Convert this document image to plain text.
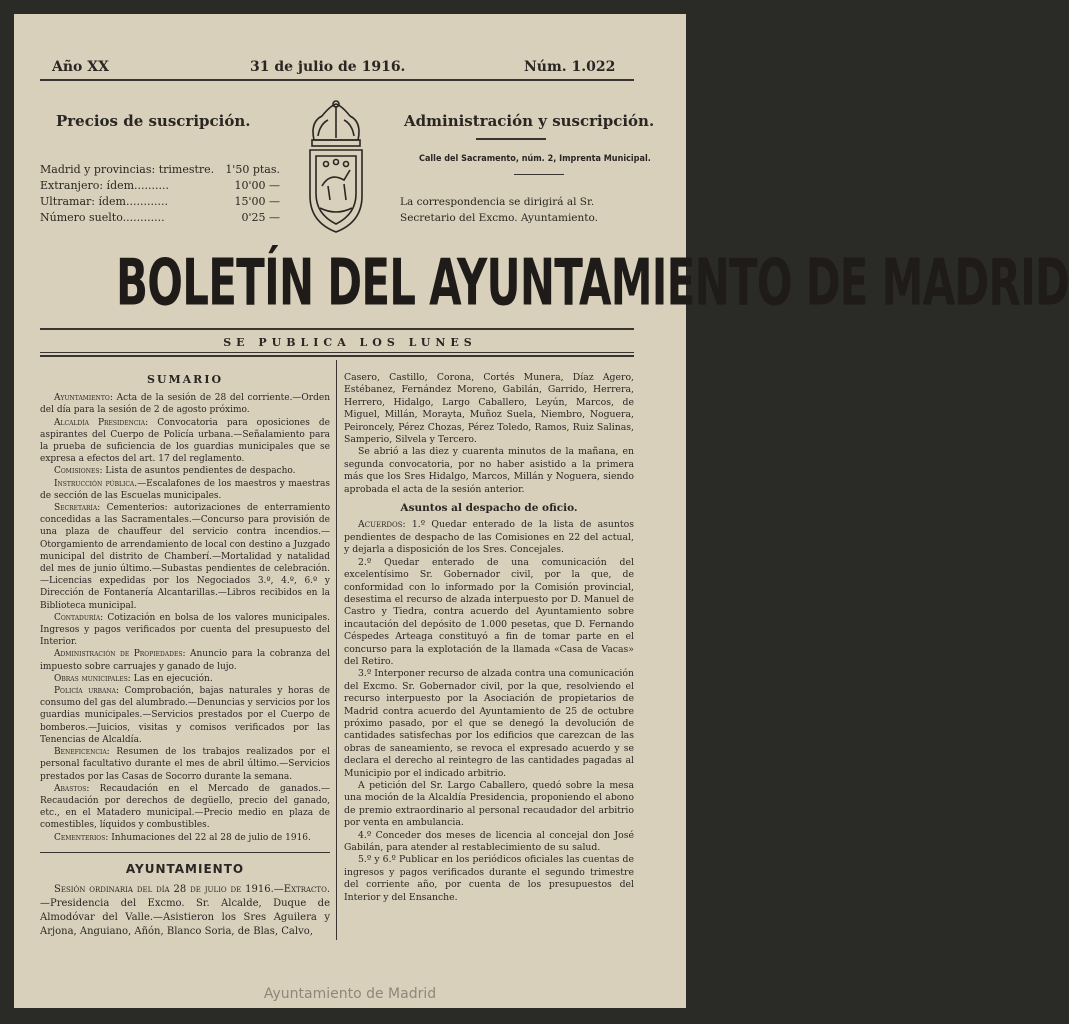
Año XX	31 de julio de 1916.	Núm. 1.022
Precios de suscripción.
Madrid y provincias: trimestre. 1'50 ptas.
Extranjero: ídem..........	10'00 —
Ultramar: ídem............	15'00 —
Número suelto............	0'25 —
Administración y suscripción.
Calle del Sacramento, núm. 2, Imprenta Municipal.
La correspondencia se dirigirá al Sr. Secretario del Excmo. Ayuntamiento.
BOLETÍN DEL AYUNTAMIENTO DE MADRID
SE PUBLICA LOS LUNES
SUMARIO

Ayuntamiento: Acta de la sesión de 28 del corriente.—Orden del día para la sesión de 2 de agosto próximo.

Alcaldía Presidencia: Convocatoria para oposiciones de aspirantes del Cuerpo de Policía urbana.—Señalamiento para la prueba de suficiencia de los guardias municipales que se expresa a efectos del art. 17 del reglamento.

Comisiones: Lista de asuntos pendientes de despacho.

Instrucción pública.—Escalafones de los maestros y maestras de sección de las Escuelas municipales.

Secretaría: Cementerios: autorizaciones de enterramiento concedidas a las Sacramentales.—Concurso para provisión de una plaza de chauffeur del servicio contra incendios.—Otorgamiento de arrendamiento de local con destino a Juzgado municipal del distrito de Chamberí.—Mortalidad y natalidad del mes de junio último.—Subastas pendientes de celebración.—Licencias expedidas por los Negociados 3.º, 4.º, 6.º y Dirección de Fontanería Alcantarillas.—Libros recibidos en la Biblioteca municipal.

Contaduría: Cotización en bolsa de los valores municipales. Ingresos y pagos verificados por cuenta del presupuesto del Interior.

Administración de Propiedades: Anuncio para la cobranza del impuesto sobre carruajes y ganado de lujo.

Obras municipales: Las en ejecución.

Policía urbana: Comprobación, bajas naturales y horas de consumo del gas del alumbrado.—Denuncias y servicios por los guardias municipales.—Servicios prestados por el Cuerpo de bomberos.—Juicios, visitas y comisos verificados por las Tenencias de Alcaldía.

Beneficencia: Resumen de los trabajos realizados por el personal facultativo durante el mes de abril último.—Servicios prestados por las Casas de Socorro durante la semana.

Abastos: Recaudación en el Mercado de ganados.—Recaudación por derechos de degüello, precio del ganado, etc., en el Matadero municipal.—Precio medio en plaza de comestibles, líquidos y combustibles.

Cementerios: Inhumaciones del 22 al 28 de julio de 1916.

AYUNTAMIENTO

Sesión ordinaria del día 28 de julio de 1916.—Extracto.—Presidencia del Excmo. Sr. Alcalde, Duque de Almodóvar del Valle.—Asistieron los Sres Aguilera y Arjona, Anguiano, Añón, Blanco Soria, de Blas, Calvo,

Casero, Castillo, Corona, Cortés Munera, Díaz Agero, Estébanez, Fernández Moreno, Gabilán, Garrido, Herrera, Herrero, Hidalgo, Largo Caballero, Leyún, Marcos, de Miguel, Millán, Morayta, Muñoz Suela, Niembro, Noguera, Peironcely, Pérez Chozas, Pérez Toledo, Ramos, Ruiz Salinas, Samperio, Silvela y Tercero.

Se abrió a las diez y cuarenta minutos de la mañana, en segunda convocatoria, por no haber asistido a la primera más que los Sres Hidalgo, Marcos, Millán y Noguera, siendo aprobada el acta de la sesión anterior.

Asuntos al despacho de oficio.

Acuerdos: 1.º Quedar enterado de la lista de asuntos pendientes de despacho de las Comisiones en 22 del actual, y dejarla a disposición de los Sres. Concejales.

2.º Quedar enterado de una comunicación del excelentísimo Sr. Gobernador civil, por la que, de conformidad con lo informado por la Comisión provincial, desestima el recurso de alzada interpuesto por D. Manuel de Castro y Tiedra, contra acuerdo del Ayuntamiento sobre incautación del depósito de 1.000 pesetas, que D. Fernando Céspedes Arteaga constituyó a fin de tomar parte en el concurso para la explotación de la llamada «Casa de Vacas» del Retiro.

3.º Interponer recurso de alzada contra una comunicación del Excmo. Sr. Gobernador civil, por la que, resolviendo el recurso interpuesto por la Asociación de propietarios de Madrid contra acuerdo del Ayuntamiento de 25 de octubre próximo pasado, por el que se denegó la devolución de cantidades satisfechas por los edificios que carezcan de las obras de saneamiento, se revoca el expresado acuerdo y se declara el derecho al reintegro de las cantidades pagadas al Municipio por el indicado arbitrio.

A petición del Sr. Largo Caballero, quedó sobre la mesa una moción de la Alcaldía Presidencia, proponiendo el abono de premio extraordinario al personal recaudador del arbitrio por venta en ambulancia.

4.º Conceder dos meses de licencia al concejal don José Gabilán, para atender al restablecimiento de su salud.

5.º y 6.º Publicar en los periódicos oficiales las cuentas de ingresos y pagos verificados durante el segundo trimestre del corriente año, por cuenta de los presupuestos del Interior y del Ensanche.

Ayuntamiento de Madrid
